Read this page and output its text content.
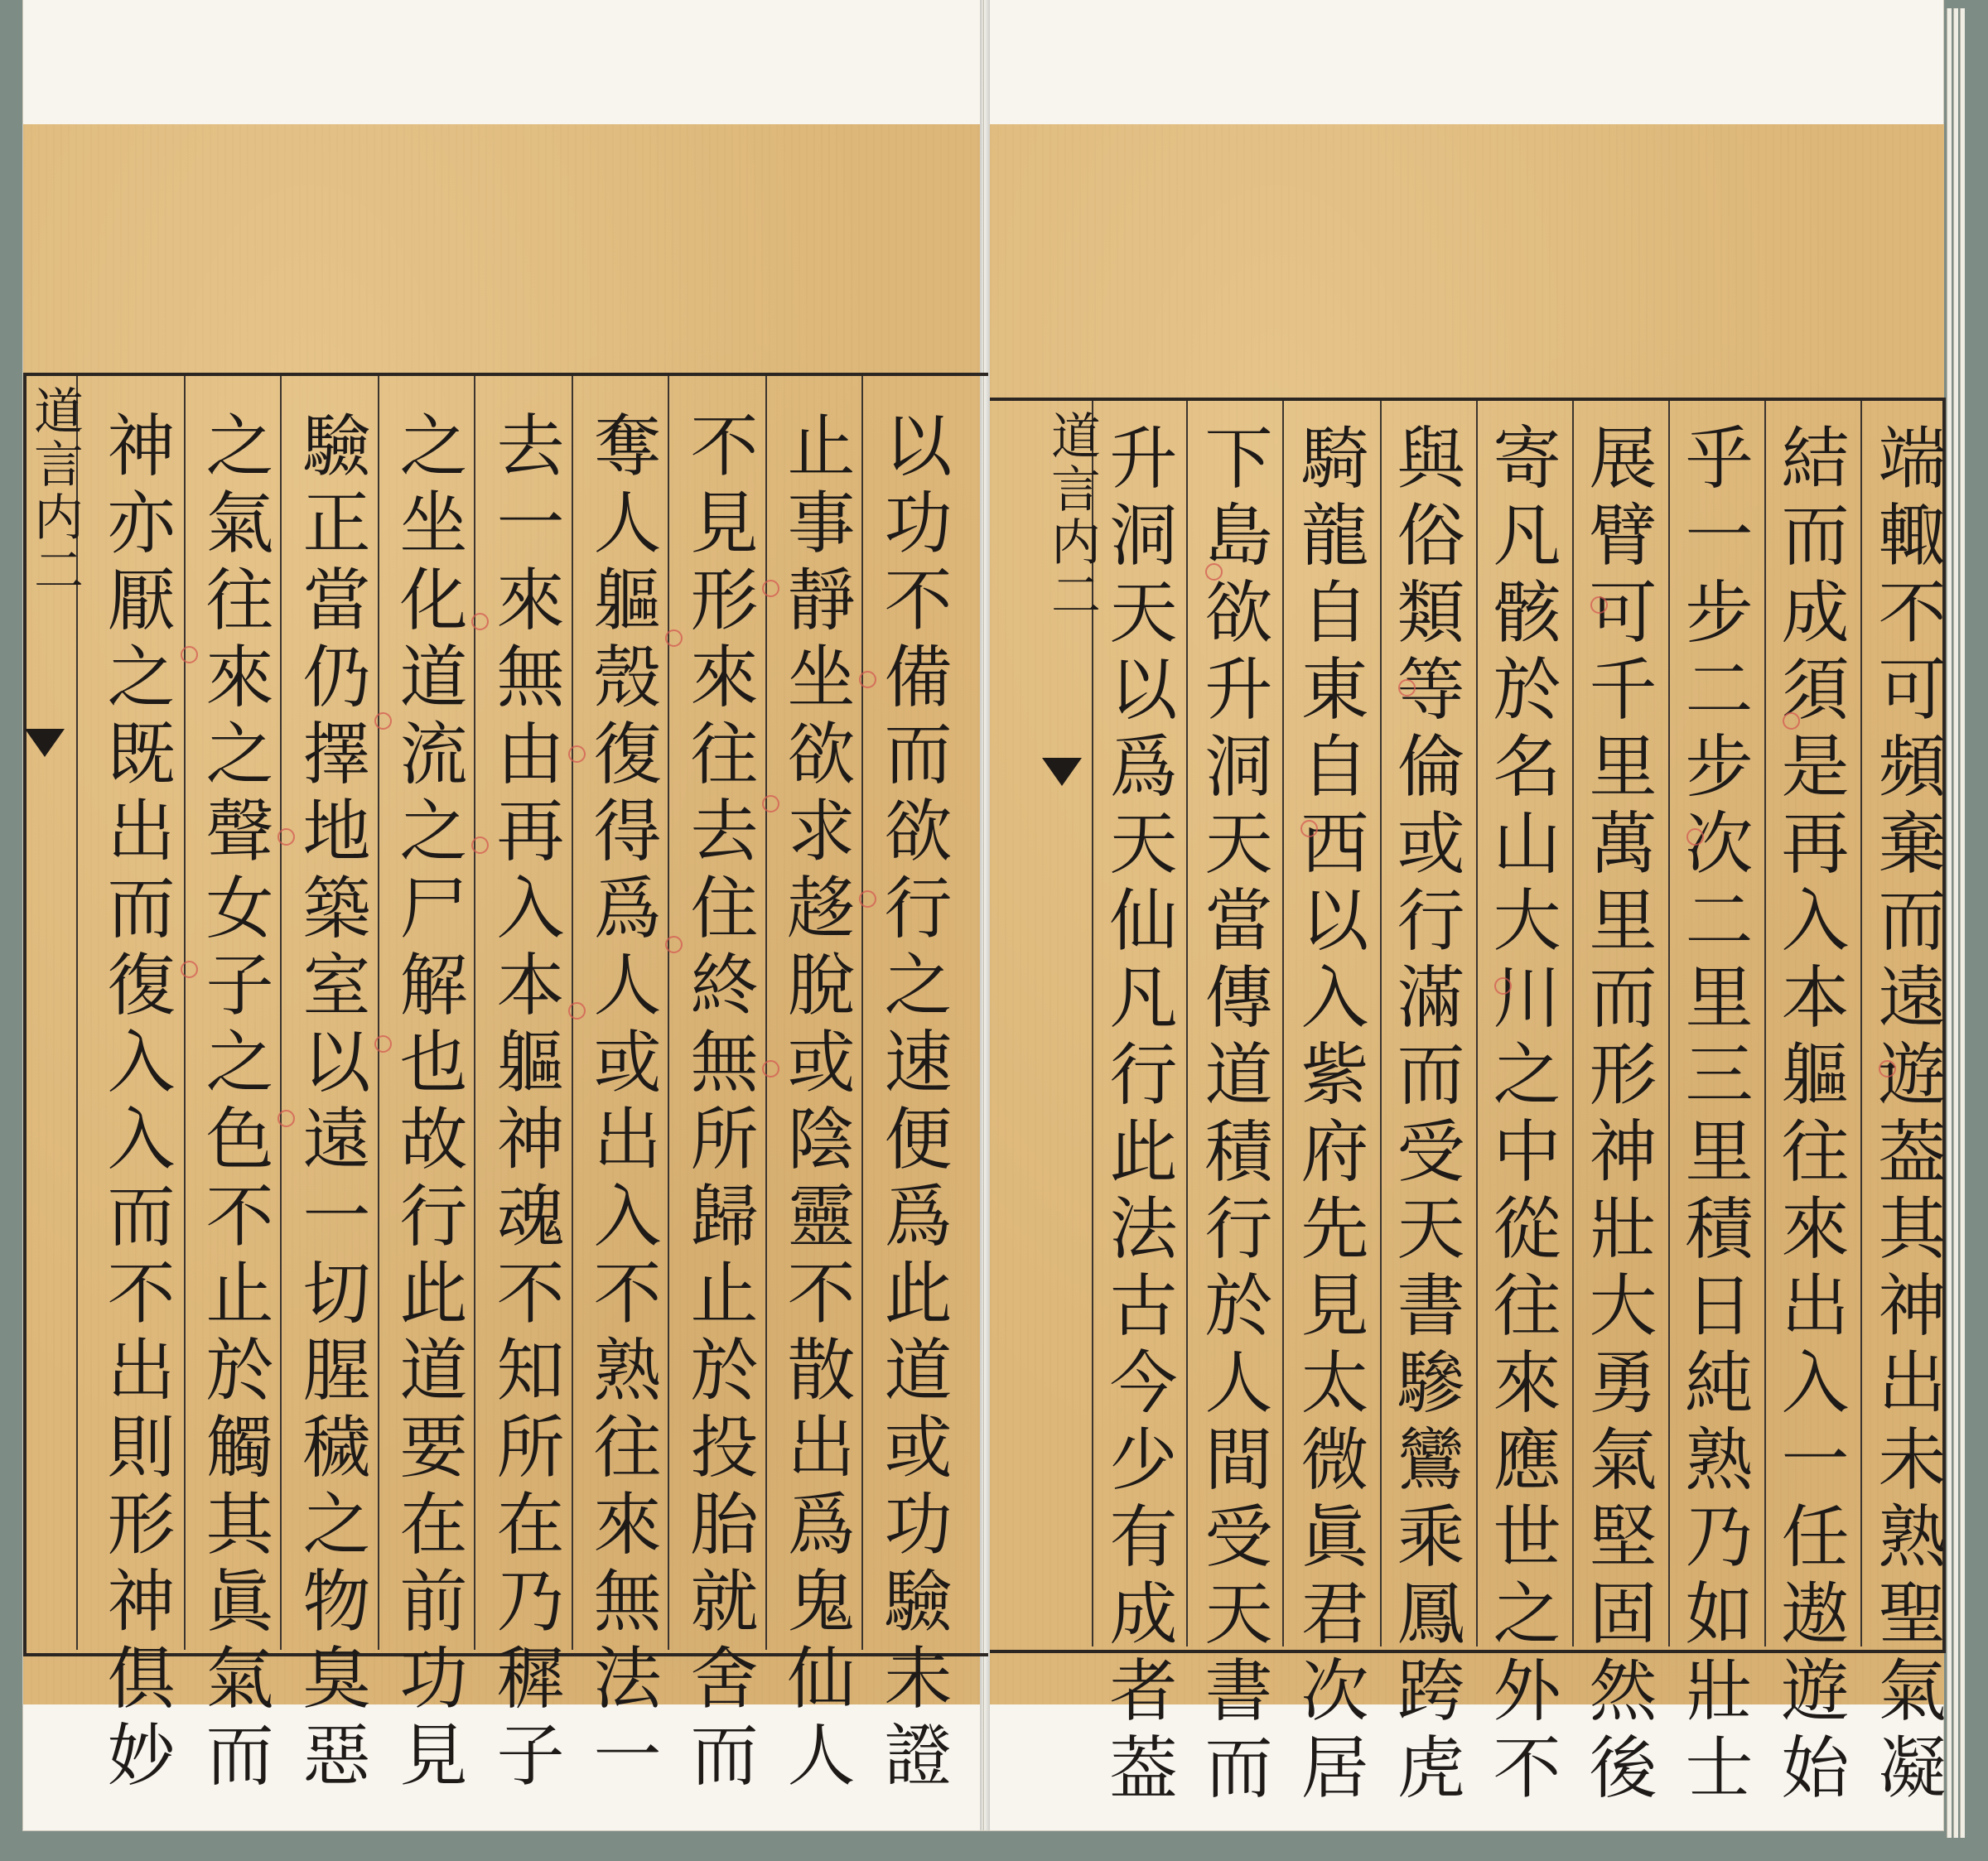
道言内二	道言内二
以功不備而欲行之速便爲此道或功驗未證
止事靜坐欲求趍脫或陰靈不散出爲鬼仙人
不見形來往去住終無所歸止於投胎就舍而
奪人軀殼復得爲人或出入不熟往來無法一
去一來無由再入本軀神魂不知所在乃穉子
之坐化道流之尸解也故行此道要在前功見
驗正當仍擇地築室以遠一切腥穢之物臭惡
之氣往來之聲女子之色不止於觸其眞氣而
神亦厭之既出而復入入而不出則形神俱妙	端輙不可頻棄而遠遊葢其神出未熟聖氣凝
結而成須是再入本軀往來出入一任遨遊始
乎一步二步次二里三里積日純熟乃如壯士
展臂可千里萬里而形神壯大勇氣堅固然後
寄凡骸於名山大川之中從往來應世之外不
與俗類等倫或行滿而受天書驂鸞乘鳳跨虎
騎龍自東自西以入紫府先見太微眞君次居
下島欲升洞天當傳道積行於人間受天書而
升洞天以爲天仙凡行此法古今少有成者葢
